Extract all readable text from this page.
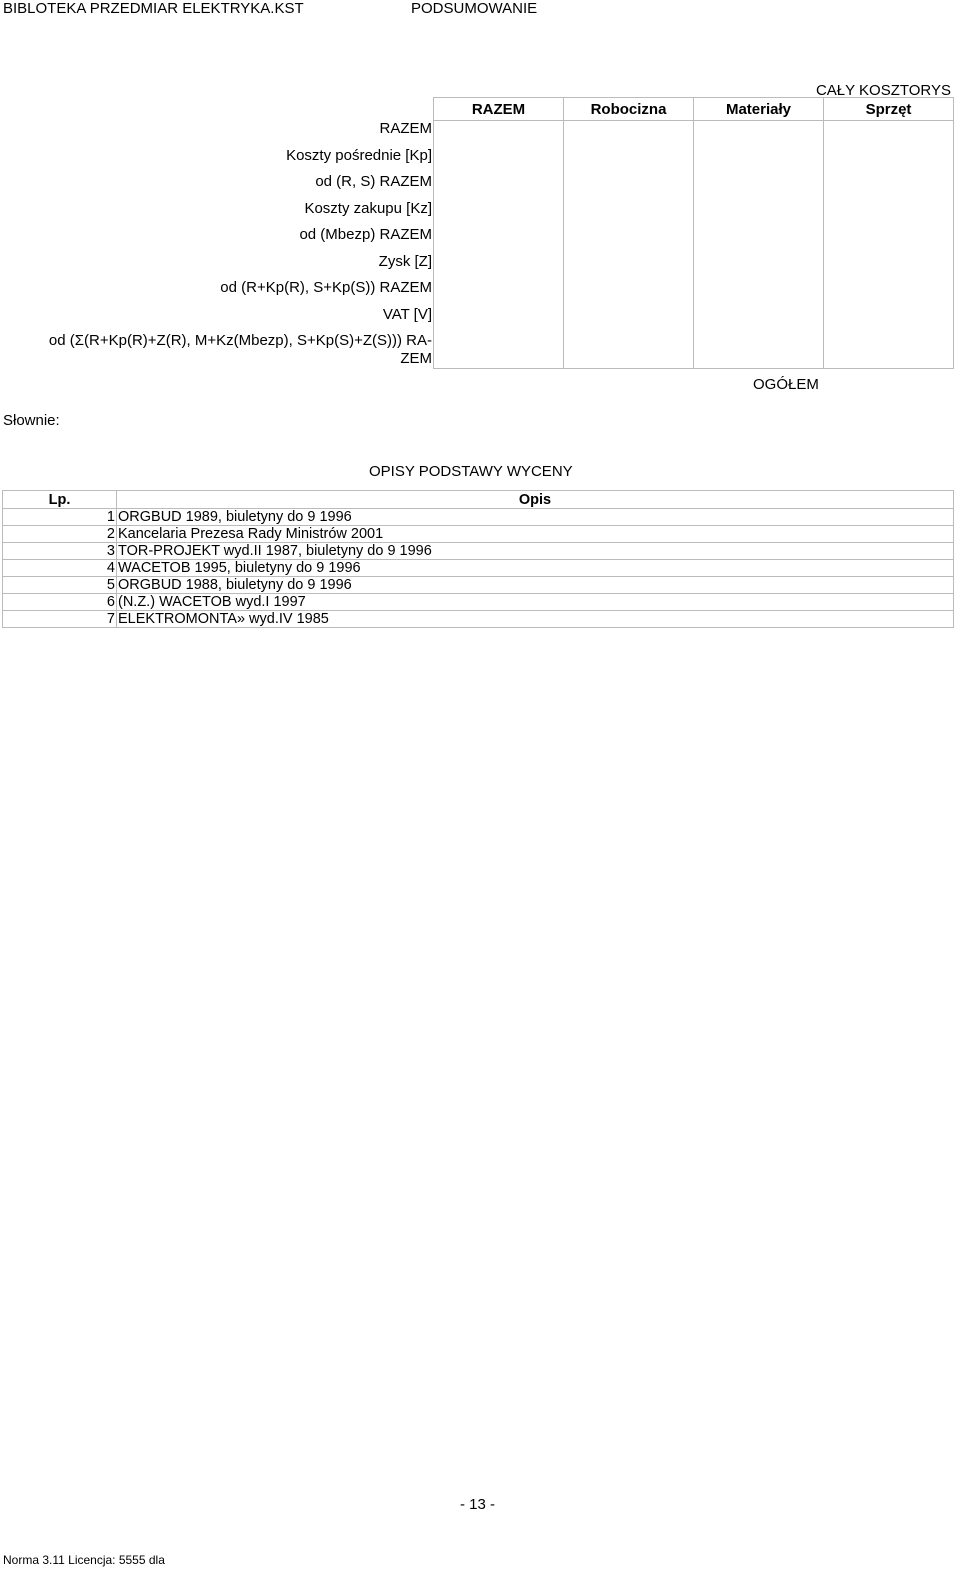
BIBLOTEKA PRZEDMIAR ELEKTRYKA.KST	PODSUMOWANIE
CAŁY KOSZTORYS
RAZEM	Robocizna	Materiały	Sprzęt

RAZEM
Koszty pośrednie [Kp]
od (R, S) RAZEM
Koszty zakupu [Kz]
od (Mbezp) RAZEM
Zysk [Z]
od (R+Kp(R), S+Kp(S)) RAZEM
VAT [V]
od (Σ(R+Kp(R)+Z(R), M+Kz(Mbezp), S+Kp(S)+Z(S))) RA-
ZEM
OGÓŁEM
Słownie:
OPISY PODSTAWY WYCENY
Lp.	Opis
1	ORGBUD 1989, biuletyny do 9 1996
2	Kancelaria Prezesa Rady Ministrów 2001
3	TOR-PROJEKT wyd.II 1987, biuletyny do 9 1996
4	WACETOB 1995, biuletyny do 9 1996
5	ORGBUD 1988, biuletyny do 9 1996
6	(N.Z.) WACETOB wyd.I 1997
7	ELEKTROMONTA» wyd.IV 1985
- 13 -
Norma 3.11 Licencja: 5555 dla
